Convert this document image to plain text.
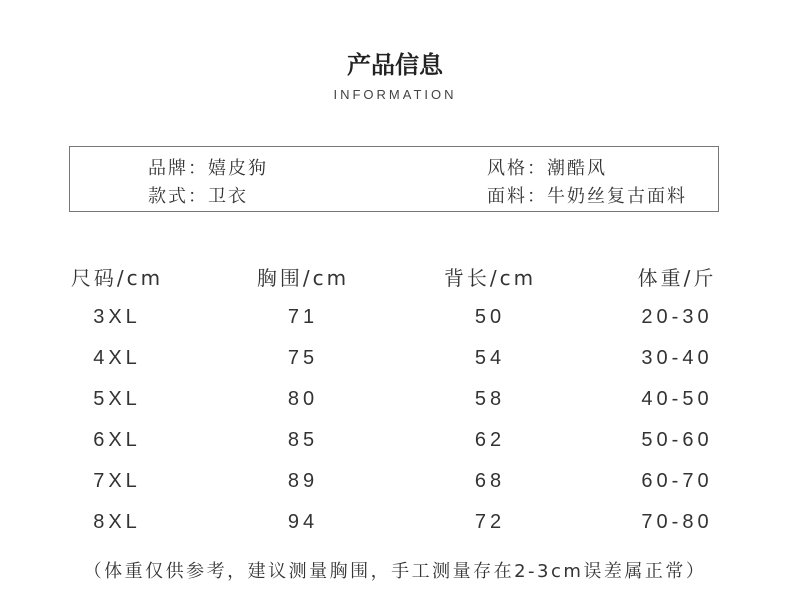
产品信息
INFORMATION
品牌：嬉皮狗	风格：潮酷风
款式：卫衣	面料：牛奶丝复古面料
尺码/cm	胸围/cm	背长/cm	体重/斤
3XL	71	50	20-30
4XL	75	54	30-40
5XL	80	58	40-50
6XL	85	62	50-60
7XL	89	68	60-70
8XL	94	72	70-80
（体重仅供参考，建议测量胸围，手工测量存在2-3cm误差属正常）
